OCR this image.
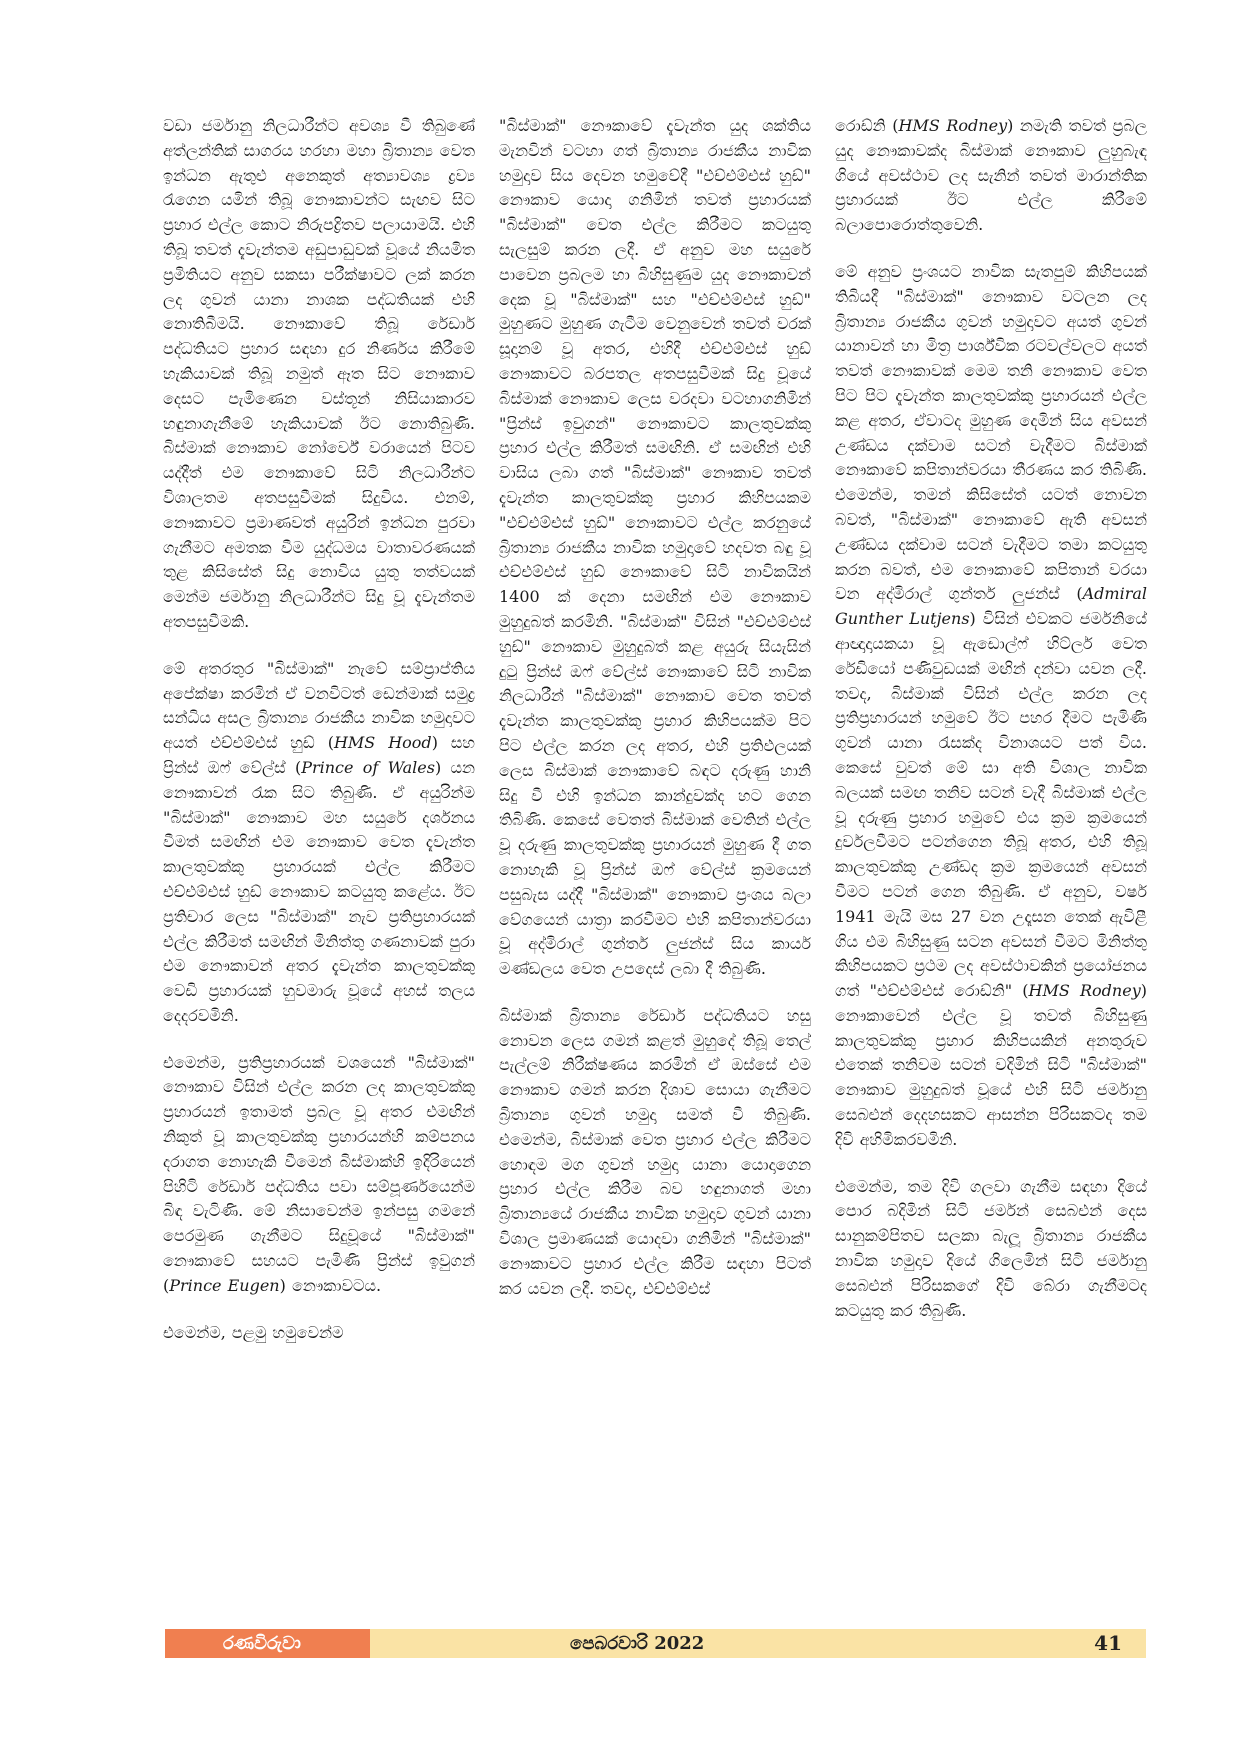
වඩා ජර්මානු නිලධාරීන්ට අවශ්‍ය වී තිබුණේ අත්ලන්තික් සාගරය හරහා මහා බ්‍රිතාන්‍ය වෙත ඉන්ධන ඇතුළු අනෙකුත් අත්‍යාවශ්‍ය ද්‍රව්‍ය රැගෙන යමින් තිබූ නෞකාවන්ට සැඟව සිට ප්‍රහාර එල්ල කොට නිරුපද්‍රිතව පලායාමයි. එහි තිබූ තවත් දැවැන්තම අඩුපාඩුවක් වූයේ නියමිත ප්‍රමිතියට අනුව සකසා පරීක්ෂාවට ලක් කරන ලද ගුවන් යානා නාශක පද්ධතියක් එහි නොතිබීමයි. නෞකාවේ තිබූ රේඩාර් පද්ධතියට ප්‍රහාර සඳහා දුර නිර්ණය කිරීමේ හැකියාවක් තිබූ නමුත් ඈත සිට නෞකාව දෙසට පැමිණෙන වස්තූන් නිසියාකාරව හඳුනාගැනීමේ හැකියාවක් ඊට නොතිබුණි. බිස්මාක් නෞකාව නෝර්වේ වරායෙන් පිටව යද්දීත් එම නෞකාවේ සිටි නිලධාරීන්ට විශාලතම අතපසුවීමක් සිදුවිය. එනම්, නෞකාවට ප්‍රමාණවත් අයුරින් ඉන්ධන පුරවා ගැනීමට අමතක වීම යුද්ධමය වාතාවරණයක් තුළ කිසිසේත් සිදු නොවිය යුතු තත්වයක් මෙන්ම ජර්මානු නිලධාරීන්ට සිදු වූ දැවැන්තම අතපසුවීමකි.

මේ අතරතුර "බිස්මාක්" නැවේ සම්ප්‍රාප්තිය අපේක්ෂා කරමින් ඒ වනවිටත් ඩෙන්මාක් සමුද්‍ර සන්ධිය අසල බ්‍රිතාන්‍ය රාජකීය නාවික හමුදාවට අයත් එච්එම්එස් හුඩ් (HMS Hood) සහ ප්‍රින්ස් ඔෆ් වේල්ස් (Prince of Wales) යන නෞකාවන් රැක සිට තිබුණි. ඒ අයුරින්ම "බිස්මාක්" නෞකාව මහ සයුරේ දර්ශනය වීමත් සමඟින් එම නෞකාව වෙත දැවැන්ත කාලතුවක්කු ප්‍රහාරයක් එල්ල කිරීමට එච්එම්එස් හුඩ් නෞකාව කටයුතු කළේය. ඊට ප්‍රතිචාර ලෙස "බිස්මාක්" නැව ප්‍රතිප්‍රහාරයක් එල්ල කිරීමත් සමඟින් මිනිත්තු ගණනාවක් පුරා එම නෞකාවන් අතර දැවැන්ත කාලතුවක්කු වෙඩි ප්‍රහාරයක් හුවමාරු වූයේ අහස් තලය දෙදරවමිනි.

එමෙන්ම, ප්‍රතිප්‍රහාරයක් වශයෙන් "බිස්මාක්" නෞකාව විසින් එල්ල කරන ලද කාලතුවක්කු ප්‍රහාරයන් ඉතාමත් ප්‍රබල වූ අතර එමඟින් නිකුත් වූ කාලතුවක්කු ප්‍රහාරයන්හි කම්පනය දරාගත නොහැකි වීමෙන් බිස්මාක්හි ඉදිරියෙන් පිහිටි රේඩාර් පද්ධතිය පවා සම්පූර්ණයෙන්ම බිඳ වැටිණි. මේ නිසාවෙන්ම ඉන්පසු ගමනේ පෙරමුණ ගැනීමට සිදුවූයේ "බිස්මාක්" නෞකාවේ සහයට පැමිණි ප්‍රින්ස් ඉවුගන් (Prince Eugen) නෞකාවටය.

එමෙන්ම, පළමු හමුවෙන්ම

"බිස්මාක්" නෞකාවේ දැවැන්ත යුද ශක්තිය මැනවින් වටහා ගත් බ්‍රිතාන්‍ය රාජකීය නාවික හමුදාව සිය දෙවන හමුවේදී "එච්එම්එස් හුඩ්" නෞකාව යොදා ගනිමින් තවත් ප්‍රහාරයක් "බිස්මාක්" වෙත එල්ල කිරීමට කටයුතු සැලසුම් කරන ලදී. ඒ අනුව මහ සයුරේ පාවෙන ප්‍රබලම හා බිහිසුණුම යුද නෞකාවන් දෙක වූ "බිස්මාක්" සහ "එච්එම්එස් හුඩ්" මුහුණට මුහුණ ගැටීම වෙනුවෙන් තවත් වරක් සූදානම් වූ අතර, එහිදී එච්එම්එස් හුඩ් නෞකාවට බරපතල අතපසුවීමක් සිදු වූයේ බිස්මාක් නෞකාව ලෙස වරදවා වටහාගනිමින් "ප්‍රින්ස් ඉවුගන්" නෞකාවට කාලතුවක්කු ප්‍රහාර එල්ල කිරීමත් සමඟිනි. ඒ සමඟින් එහි වාසිය ලබා ගත් "බිස්මාක්" නෞකාව තවත් දැවැන්ත කාලතුවක්කු ප්‍රහාර කිහිපයකම "එච්එම්එස් හුඩ්" නෞකාවට එල්ල කරනුයේ බ්‍රිතාන්‍ය රාජකීය නාවික හමුදාවේ හදවත බඳු වූ එච්එම්එස් හුඩ් නෞකාවේ සිටි නාවිකයින් 1400 ක් දෙනා සමඟින් එම නෞකාව මුහුදුබත් කරමිනි. "බිස්මාක්" විසින් "එච්එම්එස් හුඩ්" නෞකාව මුහුදුබත් කළ අයුරු සියැසින් දුටු ප්‍රින්ස් ඔෆ් වේල්ස් නෞකාවේ සිටි නාවික නිලධාරීන් "බිස්මාක්" නෞකාව වෙත තවත් දැවැන්ත කාලතුවක්කු ප්‍රහාර කිහිපයක්ම පිට පිට එල්ල කරන ලද අතර, එහි ප්‍රතිඵලයක් ලෙස බිස්මාක් නෞකාවේ බඳට දරුණු හානි සිදු වී එහි ඉන්ධන කාන්දුවක්ද හට ගෙන තිබිණි. කෙසේ වෙතත් බිස්මාක් වෙතින් එල්ල වූ දරුණු කාලතුවක්කු ප්‍රහාරයන් මුහුණ දී ගත නොහැකි වූ ප්‍රින්ස් ඔෆ් වේල්ස් ක්‍රමයෙන් පසුබැස යද්දී "බිස්මාක්" නෞකාව ප්‍රංශය බලා වේගයෙන් යාත්‍රා කරවීමට එහි කපිතාන්වරයා වූ අද්මිරාල් ගුන්තර් ලුජන්ස් සිය කාර්ය මණ්ඩලය වෙත උපදෙස් ලබා දී තිබුණි.

බිස්මාක් බ්‍රිතාන්‍ය රේඩාර් පද්ධතියට හසු නොවන ලෙස ගමන් කළත් මුහුදේ තිබූ තෙල් පැල්ලම් නිරීක්ෂණය කරමින් ඒ ඔස්සේ එම නෞකාව ගමන් කරන දිශාව සොයා ගැනීමට බ්‍රිතාන්‍ය ගුවන් හමුදා සමත් වී තිබුණි. එමෙන්ම, බිස්මාක් වෙත ප්‍රහාර එල්ල කිරීමට හොඳම මග ගුවන් හමුදා යානා යොදාගෙන ප්‍රහාර එල්ල කිරීම බව හඳුනාගත් මහා බ්‍රිතාන්‍යයේ රාජකීය නාවික හමුදාව ගුවන් යානා විශාල ප්‍රමාණයක් යොදවා ගනිමින් "බිස්මාක්" නෞකාවට ප්‍රහාර එල්ල කිරීම සඳහා පිටත් කර යවන ලදී. තවද, එච්එම්එස්

රොඩ්නි (HMS Rodney) නමැති තවත් ප්‍රබල යුද නෞකාවක්ද බිස්මාක් නෞකාව ලුහුබැඳ ගියේ අවස්ථාව ලද සැනින් තවත් මාරාන්තික ප්‍රහාරයක් ඊට එල්ල කිරීමේ බලාපොරොත්තුවෙනි.

මේ අනුව ප්‍රංශයට නාවික සැතපුම් කිහිපයක් තිබියදී "බිස්මාක්" නෞකාව වටලන ලද බ්‍රිතාන්‍ය රාජකීය ගුවන් හමුදාවට අයත් ගුවන් යානාවන් හා මිත්‍ර පාර්ශ්වික රටවල්වලට අයත් තවත් නෞකාවක් මෙම තනි නෞකාව වෙත පිට පිට දැවැන්ත කාලතුවක්කු ප්‍රහාරයන් එල්ල කළ අතර, ඒවාටද මුහුණ දෙමින් සිය අවසන් උණ්ඩය දක්වාම සටන් වැදීමට බිස්මාක් නෞකාවේ කපිතාන්වරයා තීරණය කර තිබිණි. එමෙන්ම, තමන් කිසිසේත් යටත් නොවන බවත්, "බිස්මාක්" නෞකාවේ ඇති අවසන් උණ්ඩය දක්වාම සටන් වැදීමට තමා කටයුතු කරන බවත්, එම නෞකාවේ කපිතාන් වරයා වන අද්මිරාල් ගුන්තර් ලුජන්ස් (Admiral Gunther Lutjens) විසින් එවකට ජර්මනියේ ආඥාදායකයා වූ ඇඩොල්ෆ් හිට්ලර් වෙත රේඩියෝ පණිවුඩයක් මඟින් දන්වා යවන ලදී. තවද, බිස්මාක් විසින් එල්ල කරන ලද ප්‍රතිප්‍රහාරයන් හමුවේ ඊට පහර දීමට පැමිණි ගුවන් යානා රැසක්ද විනාශයට පත් විය. කෙසේ වුවත් මේ සා අති විශාල නාවික බලයක් සමඟ තනිව සටන් වැදී බිස්මාක් එල්ල වූ දරුණු ප්‍රහාර හමුවේ එය ක්‍රම ක්‍රමයෙන් දුර්වලවීමට පටන්ගෙන තිබූ අතර, එහි තිබූ කාලතුවක්කු උණ්ඩද ක්‍රම ක්‍රමයෙන් අවසන් වීමට පටන් ගෙන තිබුණි. ඒ අනුව, වර්ෂ 1941 මැයි මස 27 වන උදෑසන තෙක් ඇවිළී ගිය එම බිහිසුණු සටන අවසන් වීමට මිනිත්තු කිහිපයකට ප්‍රථම ලද අවස්ථාවකින් ප්‍රයෝජනය ගත් "එච්එම්එස් රොඩ්නි" (HMS Rodney) නෞකාවෙන් එල්ල වූ තවත් බිහිසුණු කාලතුවක්කු ප්‍රහාර කිහිපයකින් අනතුරුව එතෙක් තනිවම සටන් වදිමින් සිටි "බිස්මාක්" නෞකාව මුහුදුබත් වූයේ එහි සිටි ජර්මානු සෙබළුන් දෙදහසකට ආසන්න පිරිසකටද තම දිවි අහිමිකරවමිනි.

එමෙන්ම, තම දිවි ගලවා ගැනීම සඳහා දියේ පොර බදිමින් සිටි ජර්මන් සෙබළුන් දෙස සානුකම්පිතව සලකා බැලූ බ්‍රිතාන්‍ය රාජකීය නාවික හමුදාව දියේ ගිලෙමින් සිටි ජර්මානු සෙබළුන් පිරිසකගේ දිවි බේරා ගැනීමටද කටයුතු කර තිබුණි.

රණවිරුවා	පෙබරවාරි 2022	41
